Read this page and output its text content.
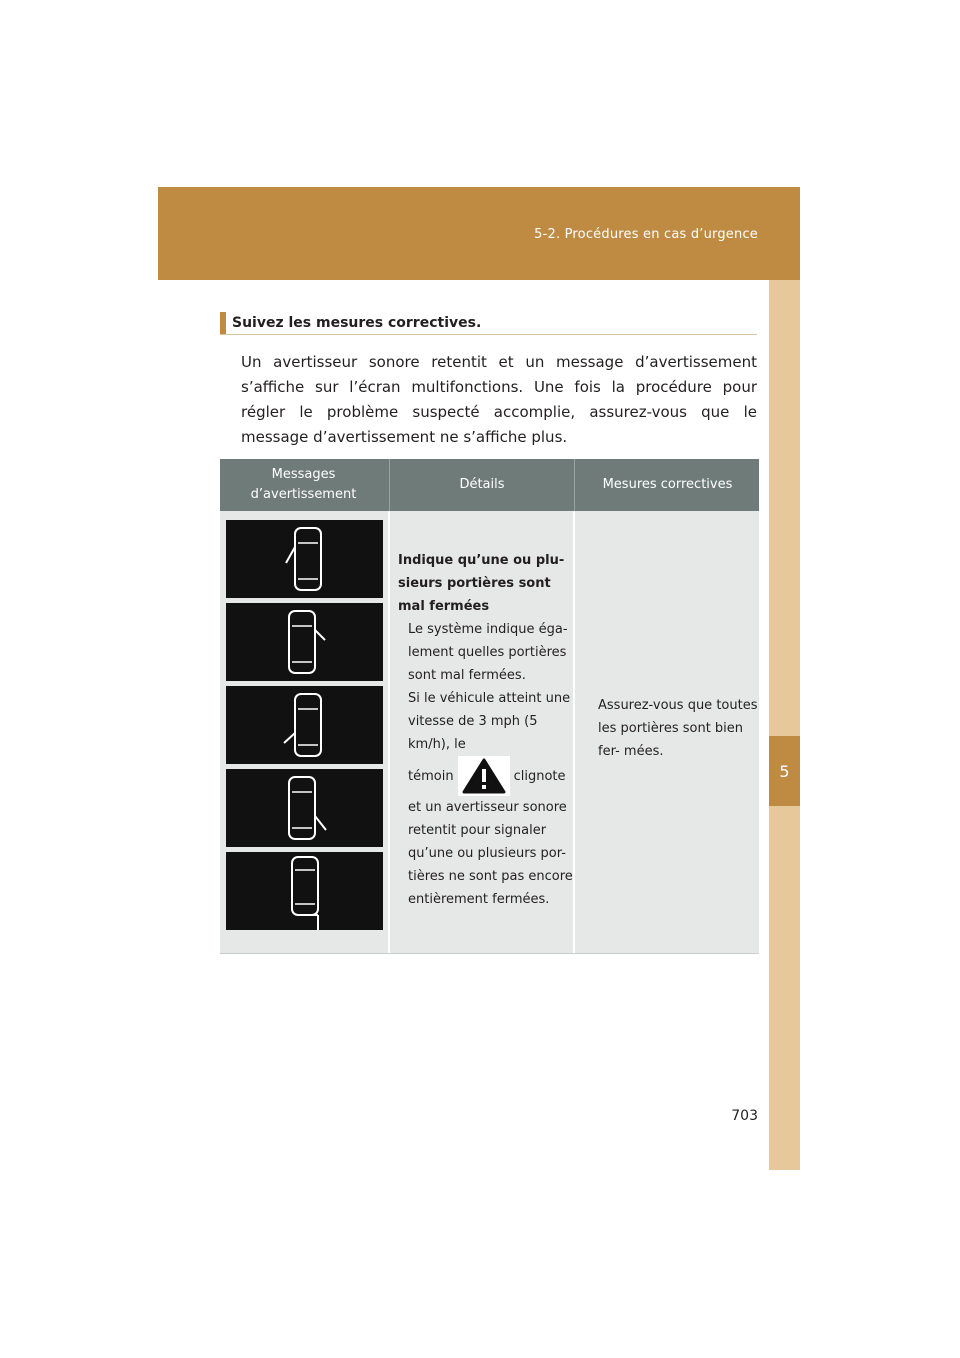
5-2. Procédures en cas d’urgence
5
Suivez les mesures correctives.

Un avertisseur sonore retentit et un message d’avertissement s’affiche sur l’écran multifonctions. Une fois la procédure pour régler le problème suspecté accomplie, assurez-vous que le message d’avertissement ne s’affiche plus.

Messages d’avertissement
Détails	Mesures correctives
Indique qu’une ou plu- sieurs portières sont mal fermées
Le système indique éga- lement quelles portières sont mal fermées.
Si le véhicule atteint une vitesse de 3 mph (5 km/h), le
témoin	clignote
et un avertisseur sonore retentit pour signaler qu’une ou plusieurs por- tières ne sont pas encore entièrement fermées.
Assurez-vous que toutes les portières sont bien fer- mées.
703
